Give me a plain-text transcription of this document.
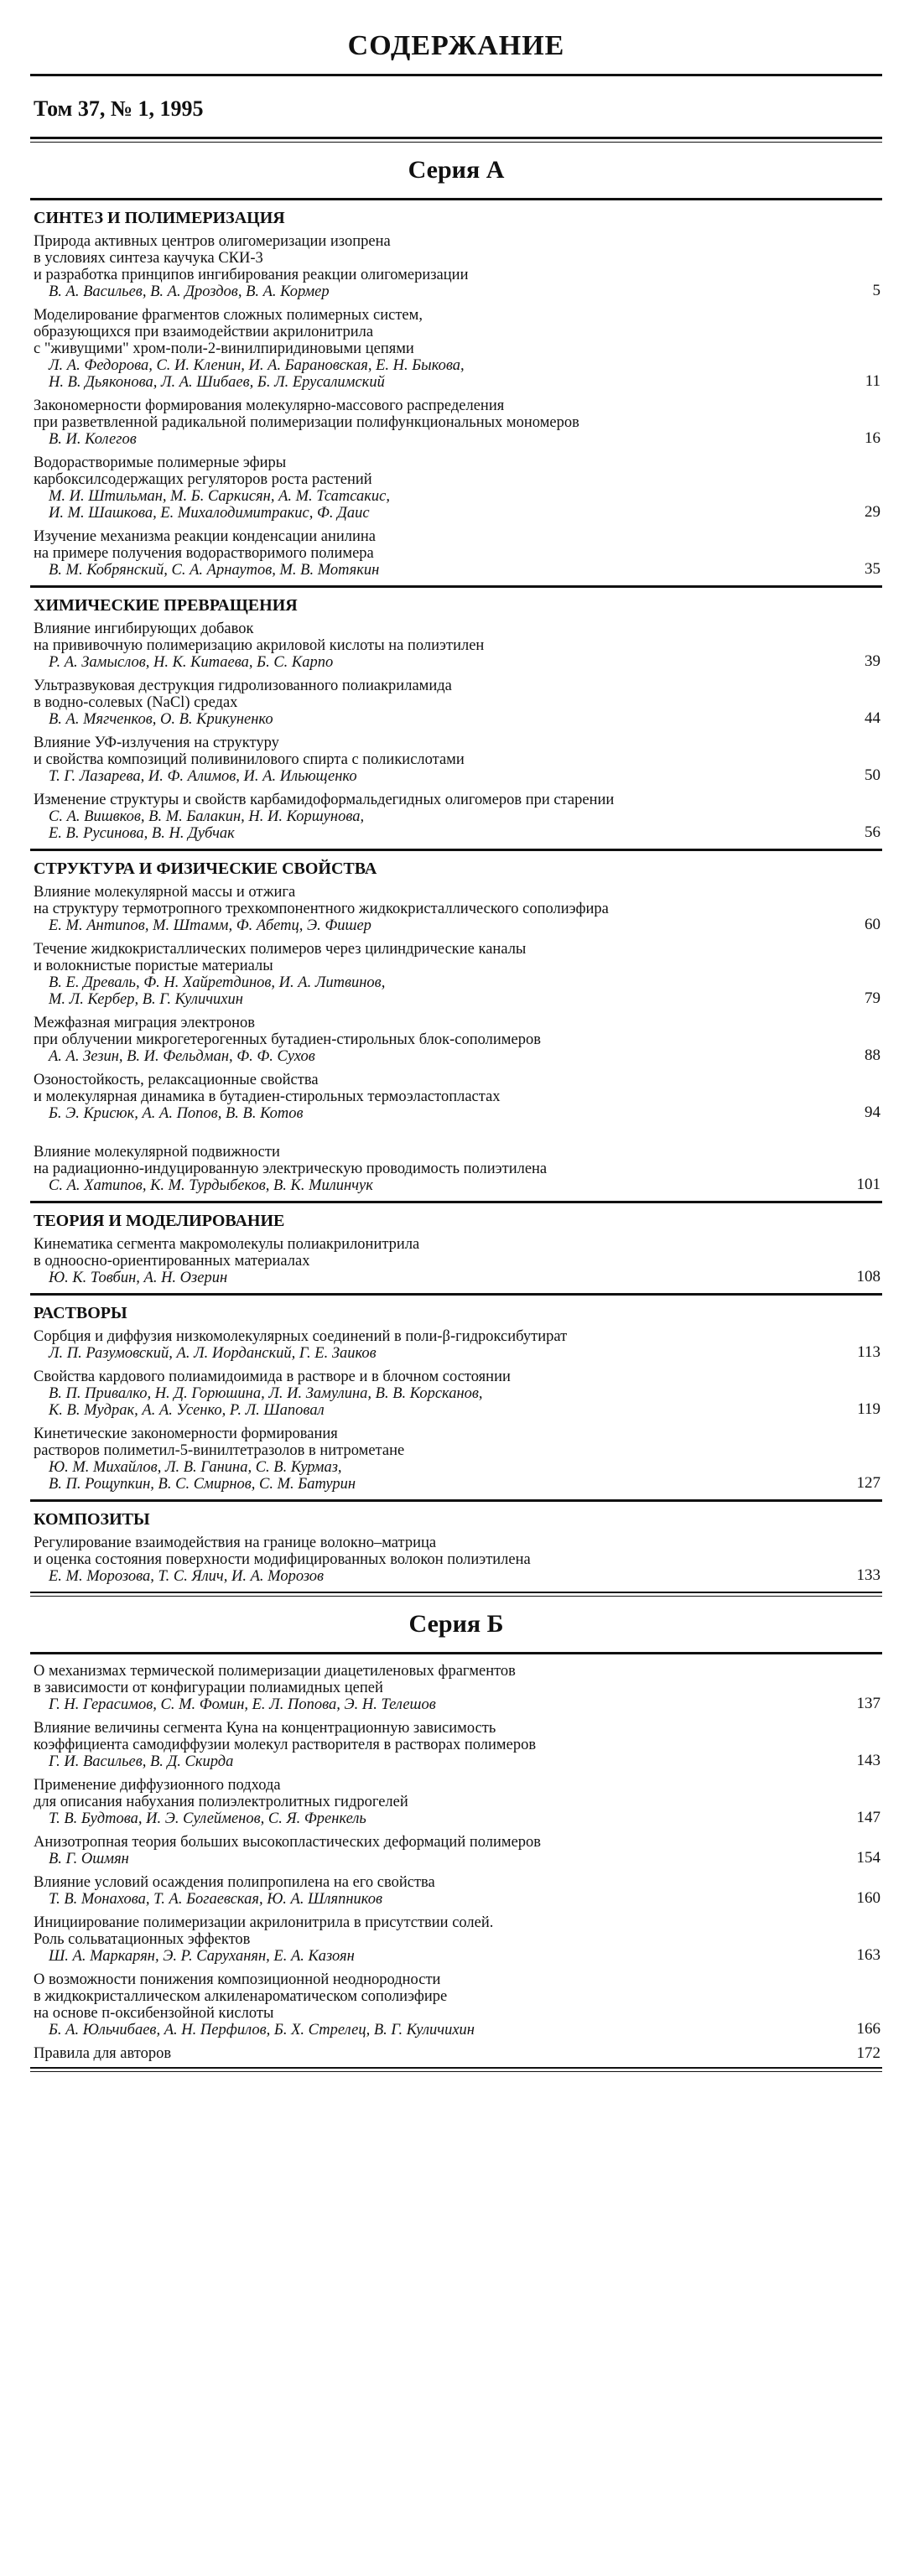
СОДЕРЖАНИЕ
Том 37, № 1, 1995
Серия А
СИНТЕЗ И ПОЛИМЕРИЗАЦИЯ
Природа активных центров олигомеризации изопрена
в условиях синтеза каучука СКИ-3
и разработка принципов ингибирования реакции олигомеризации
В. А. Васильев, В. А. Дроздов, В. А. Кормер	5
Моделирование фрагментов сложных полимерных систем,
образующихся при взаимодействии акрилонитрила
с "живущими" хром-поли-2-винилпиридиновыми цепями
Л. А. Федорова, С. И. Кленин, И. А. Барановская, Е. Н. Быкова,
Н. В. Дьяконова, Л. А. Шибаев, Б. Л. Ерусалимский	11
Закономерности формирования молекулярно-массового распределения
при разветвленной радикальной полимеризации полифункциональных мономеров
В. И. Колегов	16
Водорастворимые полимерные эфиры
карбоксилсодержащих регуляторов роста растений
М. И. Штильман, М. Б. Саркисян, А. М. Тсатсакис,
И. М. Шашкова, Е. Михалодимитракис, Ф. Даис	29
Изучение механизма реакции конденсации анилина
на примере получения водорастворимого полимера
В. М. Кобрянский, С. А. Арнаутов, М. В. Мотякин	35
ХИМИЧЕСКИЕ ПРЕВРАЩЕНИЯ
Влияние ингибирующих добавок
на прививочную полимеризацию акриловой кислоты на полиэтилен
Р. А. Замыслов, Н. К. Китаева, Б. С. Карпо	39
Ультразвуковая деструкция гидролизованного полиакриламида
в водно-солевых (NaCl) средах
В. А. Мягченков, О. В. Крикуненко	44
Влияние УФ-излучения на структуру
и свойства композиций поливинилового спирта с поликислотами
Т. Г. Лазарева, И. Ф. Алимов, И. А. Ильющенко	50
Изменение структуры и свойств карбамидоформальдегидных олигомеров при старении
С. А. Вишвков, В. М. Балакин, Н. И. Коршунова,
Е. В. Русинова, В. Н. Дубчак	56
СТРУКТУРА И ФИЗИЧЕСКИЕ СВОЙСТВА
Влияние молекулярной массы и отжига
на структуру термотропного трехкомпонентного жидкокристаллического сополиэфира
Е. М. Антипов, М. Штамм, Ф. Абетц, Э. Фишер	60
Течение жидкокристаллических полимеров через цилиндрические каналы
и волокнистые пористые материалы
В. Е. Древаль, Ф. Н. Хайретдинов, И. А. Литвинов,
М. Л. Кербер, В. Г. Куличихин	79
Межфазная миграция электронов
при облучении микрогетерогенных бутадиен-стирольных блок-сополимеров
А. А. Зезин, В. И. Фельдман, Ф. Ф. Сухов	88
Озоностойкость, релаксационные свойства
и молекулярная динамика в бутадиен-стирольных термоэластопластах
Б. Э. Крисюк, А. А. Попов, В. В. Котов	94
Влияние молекулярной подвижности
на радиационно-индуцированную электрическую проводимость полиэтилена
С. А. Хатипов, К. М. Турдыбеков, В. К. Милинчук	101
ТЕОРИЯ И МОДЕЛИРОВАНИЕ
Кинематика сегмента макромолекулы полиакрилонитрила
в одноосно-ориентированных материалах
Ю. К. Товбин, А. Н. Озерин	108
РАСТВОРЫ
Сорбция и диффузия низкомолекулярных соединений в поли-β-гидроксибутират
Л. П. Разумовский, А. Л. Иорданский, Г. Е. Заиков	113
Свойства кардового полиамидоимида в растворе и в блочном состоянии
В. П. Привалко, Н. Д. Горюшина, Л. И. Замулина, В. В. Корсканов,
К. В. Мудрак, А. А. Усенко, Р. Л. Шаповал	119
Кинетические закономерности формирования
растворов полиметил-5-винилтетразолов в нитрометане
Ю. М. Михайлов, Л. В. Ганина, С. В. Курмаз,
В. П. Рощупкин, В. С. Смирнов, С. М. Батурин	127
КОМПОЗИТЫ
Регулирование взаимодействия на границе волокно–матрица
и оценка состояния поверхности модифицированных волокон полиэтилена
Е. М. Морозова, Т. С. Ялич, И. А. Морозов	133
Серия Б
О механизмах термической полимеризации диацетиленовых фрагментов
в зависимости от конфигурации полиамидных цепей
Г. Н. Герасимов, С. М. Фомин, Е. Л. Попова, Э. Н. Телешов	137
Влияние величины сегмента Куна на концентрационную зависимость
коэффициента самодиффузии молекул растворителя в растворах полимеров
Г. И. Васильев, В. Д. Скирда	143
Применение диффузионного подхода
для описания набухания полиэлектролитных гидрогелей
Т. В. Будтова, И. Э. Сулейменов, С. Я. Френкель	147
Анизотропная теория больших высокопластических деформаций полимеров
В. Г. Ошмян	154
Влияние условий осаждения полипропилена на его свойства
Т. В. Монахова, Т. А. Богаевская, Ю. А. Шляпников	160
Инициирование полимеризации акрилонитрила в присутствии солей.
Роль сольватационных эффектов
Ш. А. Маркарян, Э. Р. Саруханян, Е. А. Казоян	163
О возможности понижения композиционной неоднородности
в жидкокристаллическом алкиленароматическом сополиэфире
на основе п-оксибензойной кислоты
Б. А. Юльчибаев, А. Н. Перфилов, Б. Х. Стрелец, В. Г. Куличихин	166
Правила для авторов	172
